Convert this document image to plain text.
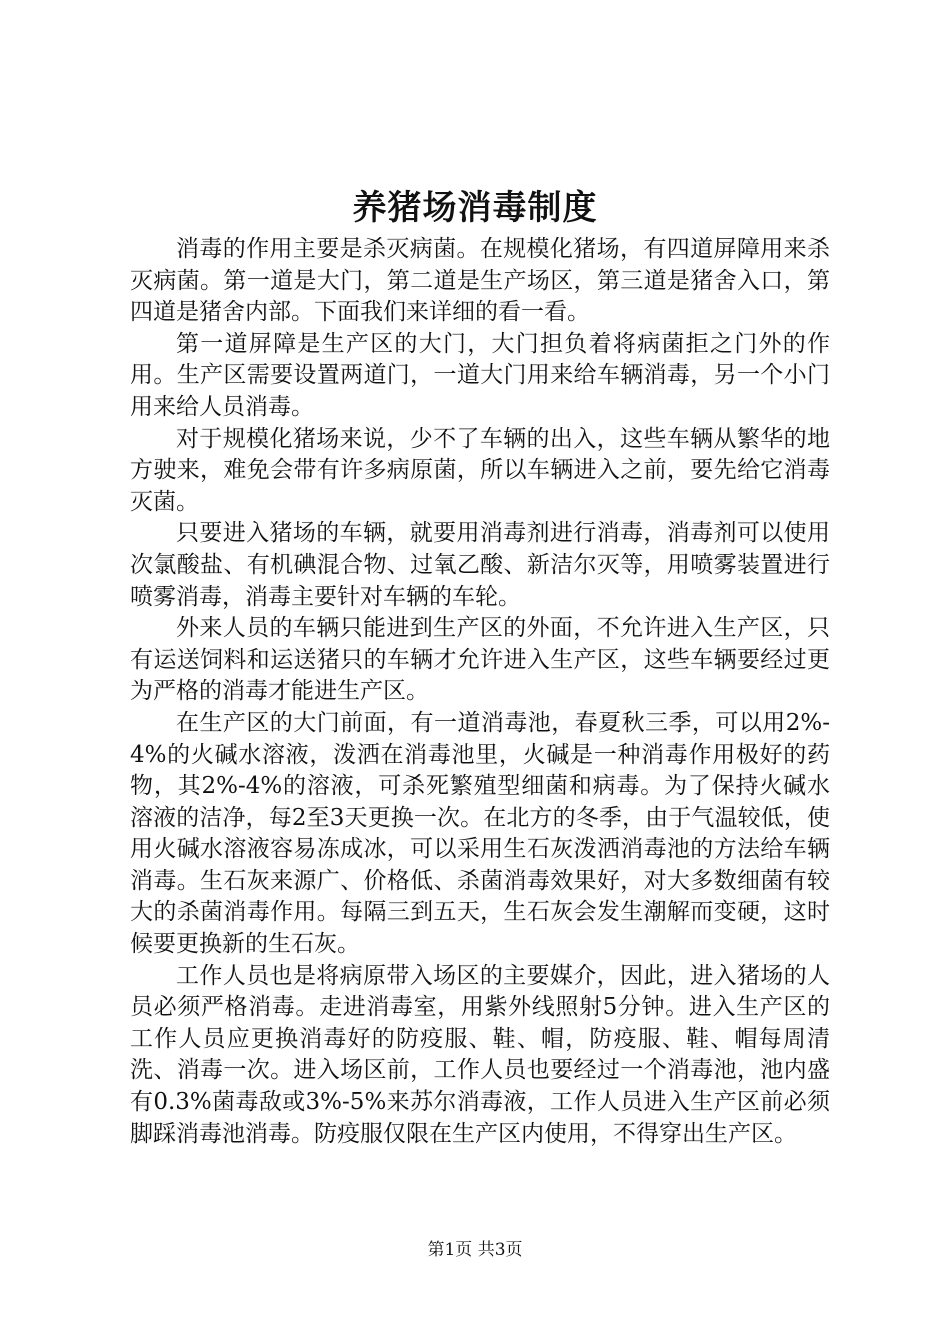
养猪场消毒制度

消毒的作用主要是杀灭病菌。在规模化猪场，有四道屏障用来杀灭病菌。第一道是大门，第二道是生产场区，第三道是猪舍入口，第四道是猪舍内部。下面我们来详细的看一看。

第一道屏障是生产区的大门，大门担负着将病菌拒之门外的作用。生产区需要设置两道门，一道大门用来给车辆消毒，另一个小门用来给人员消毒。

对于规模化猪场来说，少不了车辆的出入，这些车辆从繁华的地方驶来，难免会带有许多病原菌，所以车辆进入之前，要先给它消毒灭菌。

只要进入猪场的车辆，就要用消毒剂进行消毒，消毒剂可以使用次氯酸盐、有机碘混合物、过氧乙酸、新洁尔灭等，用喷雾装置进行喷雾消毒，消毒主要针对车辆的车轮。

外来人员的车辆只能进到生产区的外面，不允许进入生产区，只有运送饲料和运送猪只的车辆才允许进入生产区，这些车辆要经过更为严格的消毒才能进生产区。

在生产区的大门前面，有一道消毒池，春夏秋三季，可以用2%-4%的火碱水溶液，泼洒在消毒池里，火碱是一种消毒作用极好的药物，其2%-4%的溶液，可杀死繁殖型细菌和病毒。为了保持火碱水溶液的洁净，每2至3天更换一次。在北方的冬季，由于气温较低，使用火碱水溶液容易冻成冰，可以采用生石灰泼洒消毒池的方法给车辆消毒。生石灰来源广、价格低、杀菌消毒效果好，对大多数细菌有较大的杀菌消毒作用。每隔三到五天，生石灰会发生潮解而变硬，这时候要更换新的生石灰。

工作人员也是将病原带入场区的主要媒介，因此，进入猪场的人员必须严格消毒。走进消毒室，用紫外线照射5分钟。进入生产区的工作人员应更换消毒好的防疫服、鞋、帽，防疫服、鞋、帽每周清洗、消毒一次。进入场区前，工作人员也要经过一个消毒池，池内盛有0.3%菌毒敌或3%-5%来苏尔消毒液，工作人员进入生产区前必须脚踩消毒池消毒。防疫服仅限在生产区内使用，不得穿出生产区。

第1页 共3页
